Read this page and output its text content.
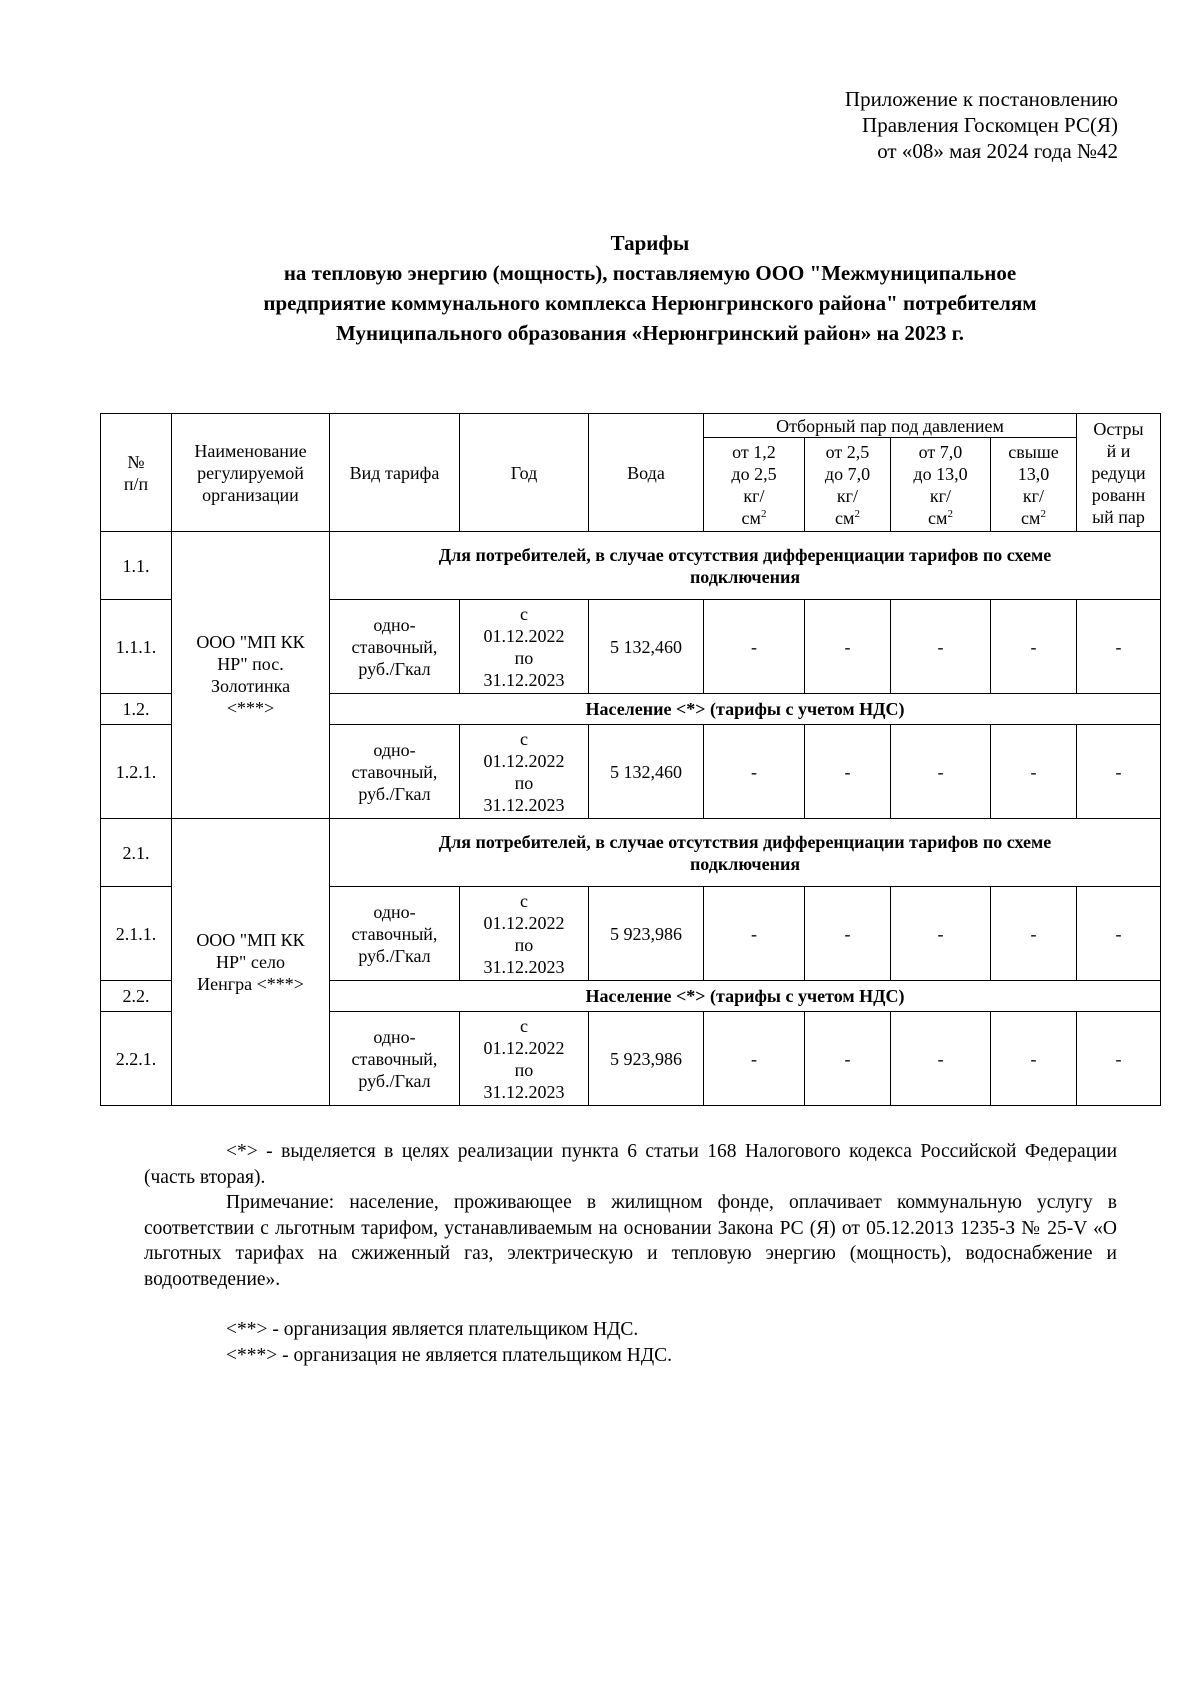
Приложение к постановлению
Правления Госкомцен РС(Я)
от «08» мая 2024 года №42
Тарифы
на тепловую энергию (мощность), поставляемую ООО "Межмуниципальное
предприятие коммунального комплекса Нерюнгринского района" потребителям
Муниципального образования «Нерюнгринский район» на 2023 г.
№
п/п	Наименование
регулируемой
организации	Вид тарифа	Год	Вода	Отборный пар под давлением				Остры
й и
редуци
рованн
ый пар
					от 1,2
до 2,5
кг/
$см^2$	от 2,5
до 7,0
кг/
$см^2$	от 7,0
до 13,0
кг/
$см^2$	свыше
13,0
кг/
$см^2$
1.1.	ООО "МП КК
НР" пос.
Золотинка
<***>	Для потребителей, в случае отсутствия дифференциации тарифов по схеме
подключения							
1.1.1.		одно-
ставочный,
руб./Гкал	с
01.12.2022
по
31.12.2023	5 132,460	-	-	-	-	-
1.2.		Население <*> (тарифы с учетом НДС)							
1.2.1.		одно-
ставочный,
руб./Гкал	с
01.12.2022
по
31.12.2023	5 132,460	-	-	-	-	-
2.1.	ООО "МП КК
НР" село
Иенгра <***>	Для потребителей, в случае отсутствия дифференциации тарифов по схеме
подключения							
2.1.1.		одно-
ставочный,
руб./Гкал	с
01.12.2022
по
31.12.2023	5 923,986	-	-	-	-	-
2.2.		Население <*> (тарифы с учетом НДС)							
2.2.1.		одно-
ставочный,
руб./Гкал	с
01.12.2022
по
31.12.2023	5 923,986	-	-	-	-	-

<*> - выделяется в целях реализации пункта 6 статьи 168 Налогового кодекса Российской Федерации (часть вторая).

Примечание: население, проживающее в жилищном фонде, оплачивает коммунальную услугу в соответствии с льготным тарифом, устанавливаемым на основании Закона РС (Я) от 05.12.2013 1235-З № 25-V «О льготных тарифах на сжиженный газ, электрическую и тепловую энергию (мощность), водоснабжение и водоотведение».

<**> - организация является плательщиком НДС.

<***> - организация не является плательщиком НДС.
